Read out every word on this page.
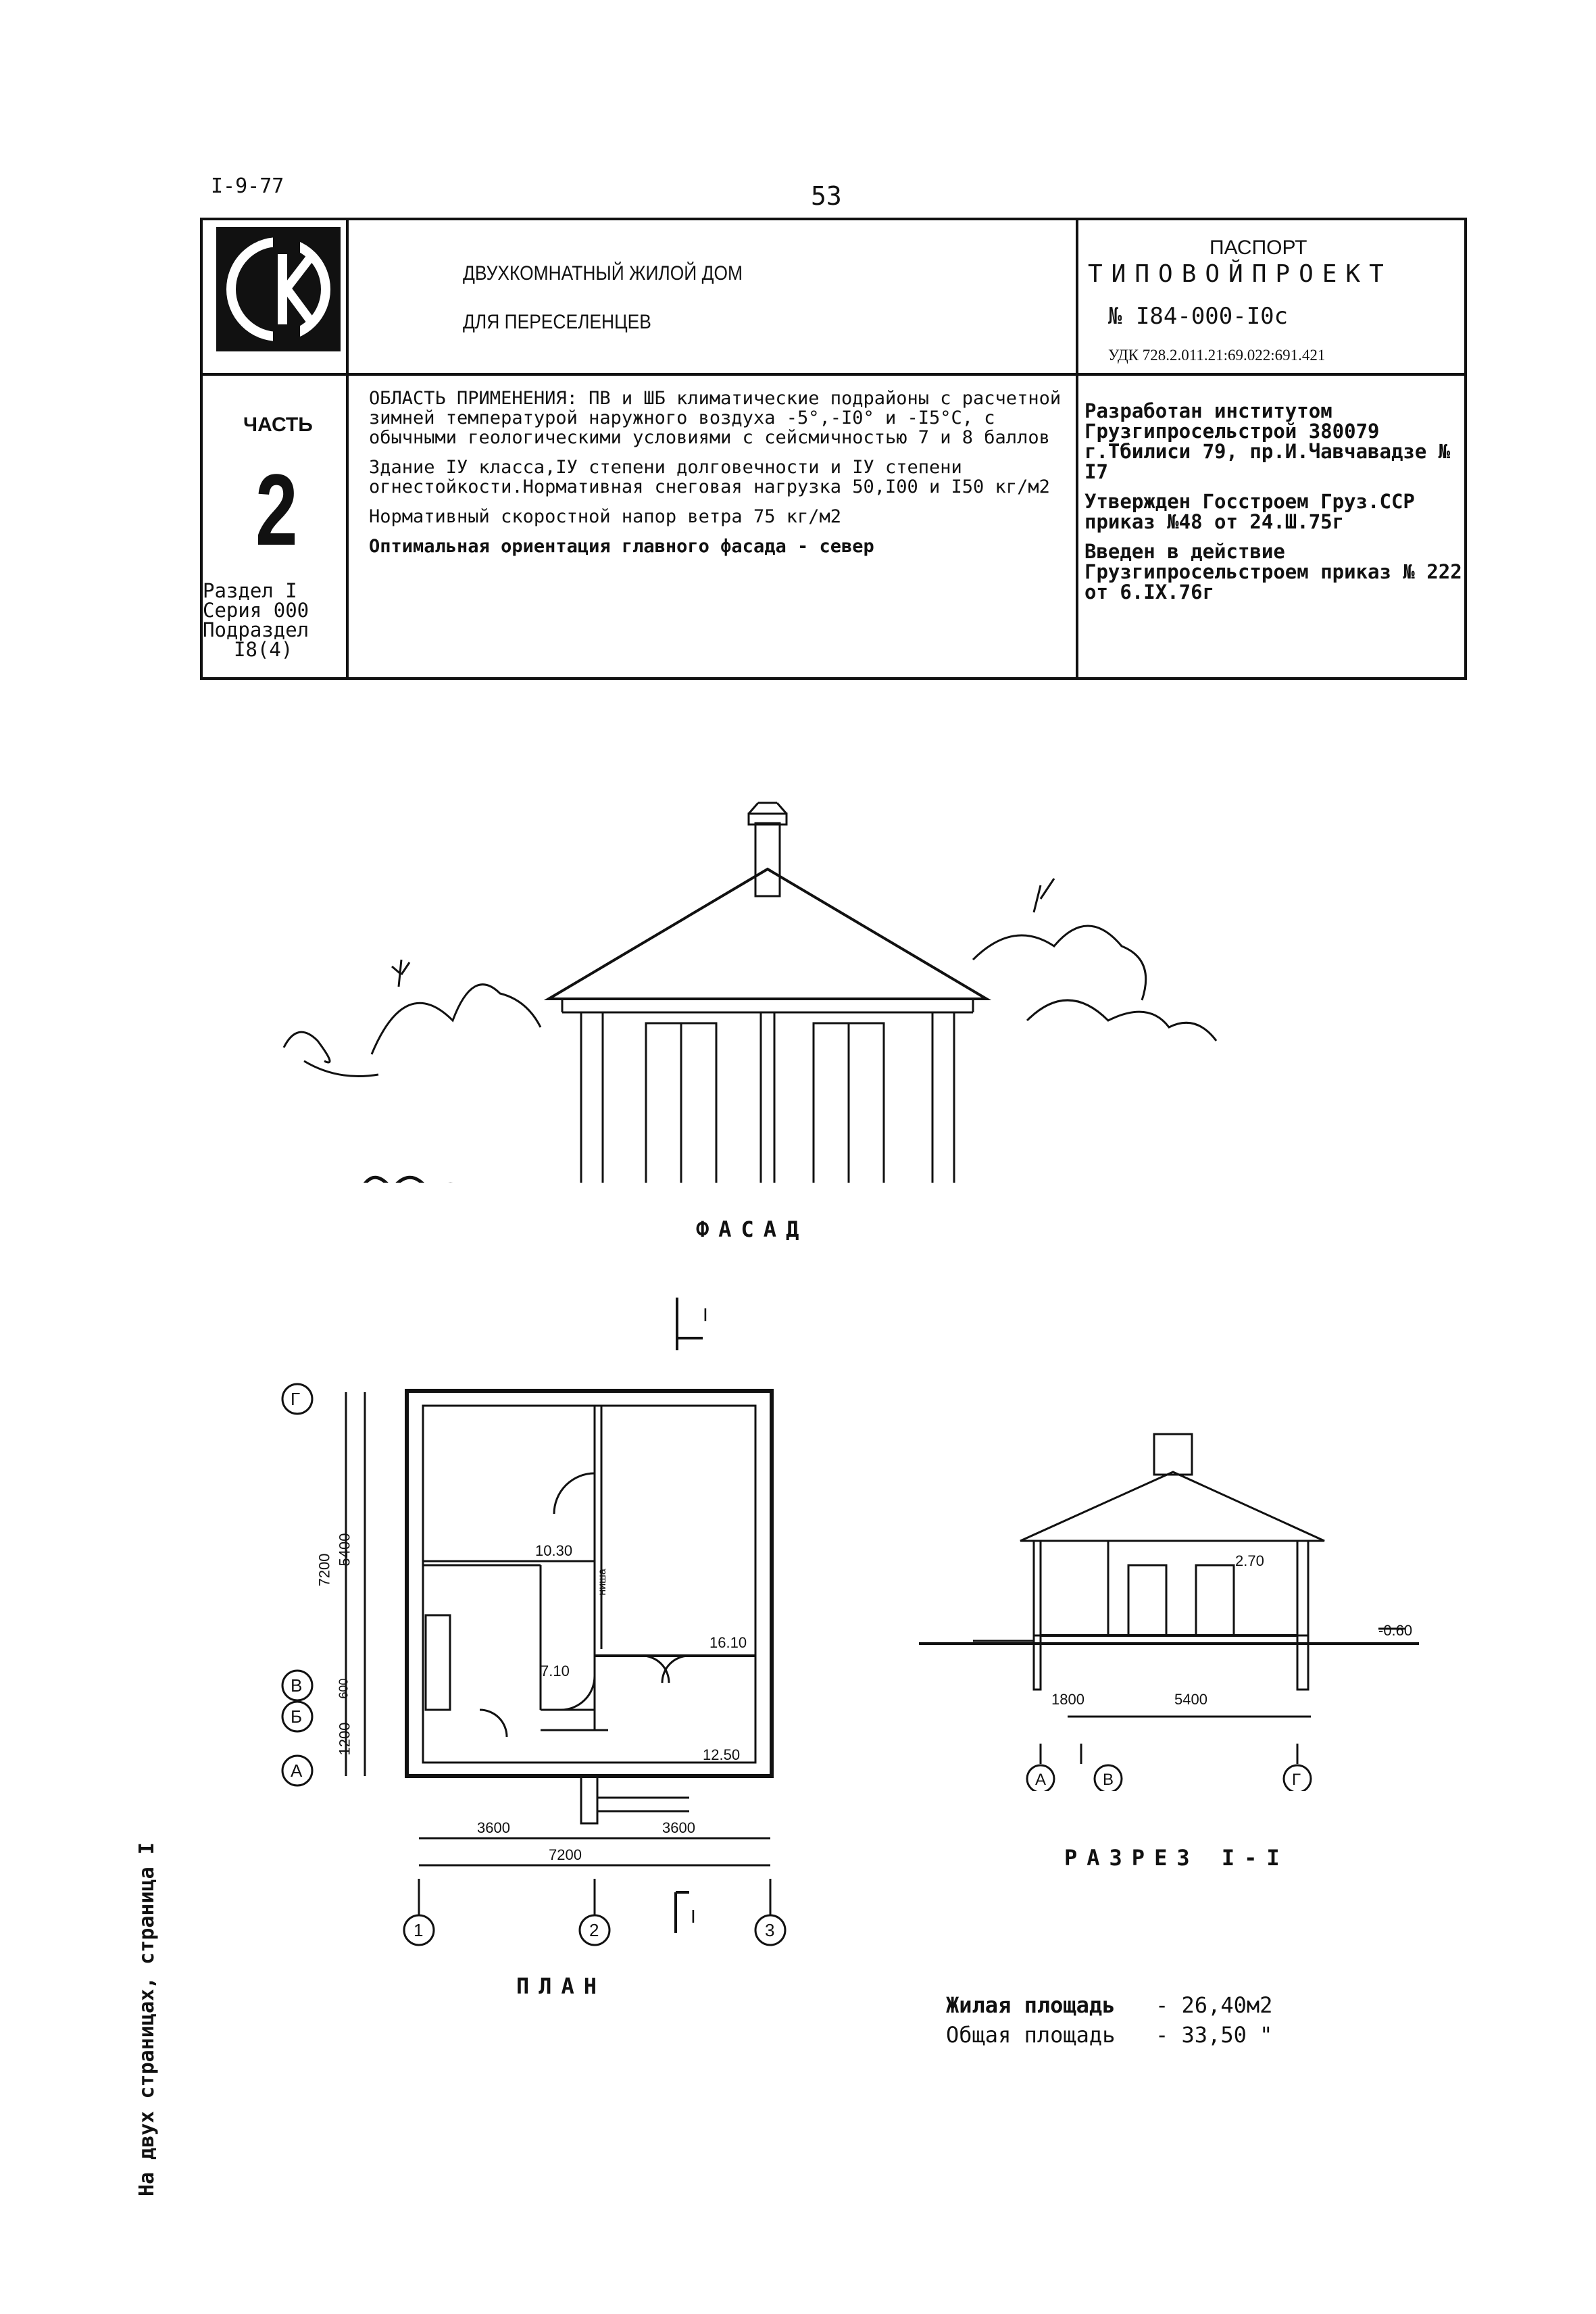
I-9-77	53
ДВУХКОМНАТНЫЙ ЖИЛОЙ ДОМ
ДЛЯ ПЕРЕСЕЛЕНЦЕВ
ПАСПОРТ
ТИПОВОЙПРОЕКТ
№ I84-000-I0с
УДК 728.2.011.21:69.022:691.421
ЧАСТЬ
2
Раздел I
Серия 000
Подраздел
I8(4)

ОБЛАСТЬ ПРИМЕНЕНИЯ: ПВ и ШБ климатические подрайоны с расчетной зимней температурой наружного воздуха -5°,-I0° и -I5°С, с обычными геологическими условиями с сейсмичностью 7 и 8 баллов

Здание IУ класса,IУ степени долговечности и IУ степени огнестойкости.Нормативная снеговая нагрузка 50,I00 и I50 кг/м2

Нормативный скоростной напор ветра 75 кг/м2

Оптимальная ориентация главного фасада - север

Разработан институтом Грузгипросельстрой 380079 г.Тбилиси 79, пр.И.Чавчавадзе № I7

Утвержден Госстроем Груз.ССР приказ №48 от 24.Ш.75г

Введен в действие Грузгипросельстроем приказ № 222 от 6.IX.76г

ФАСАД
Г
В
Б
А
1	2	3
I
I
10.30
7.10
16.10
12.50
ниша
7200
5400
600
1200
3600	3600
7200
ПЛАН
2.70
-0.60
1800	5400
А	В	Г
РАЗРЕЗ I-I
Жилая площадь	- 26,40м2
Общая площадь	- 33,50 "
На двух страницах, страница I
